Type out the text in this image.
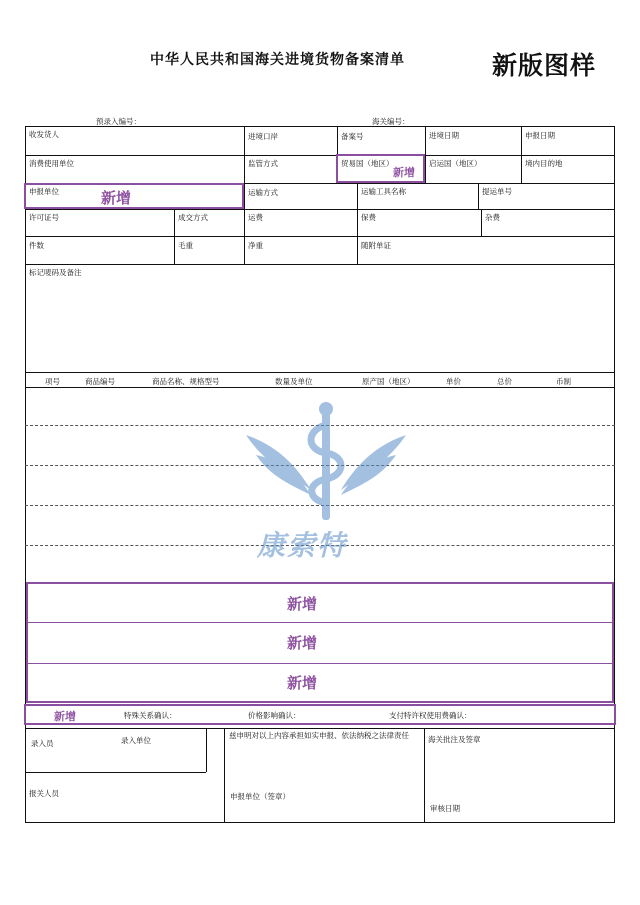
中华人民共和国海关进境货物备案清单	新版图样
预录入编号：	海关编号：
收发货人	进境口岸	备案号	进境日期	申报日期
消费使用单位	监管方式	贸易国（地区）	启运国（地区）	境内目的地
申报单位	运输方式	运输工具名称	提运单号
许可证号	成交方式	运费	保费	杂费
件数	毛重	净重	随附单证
标记唛码及备注
新增
新增
项号	商品编号	商品名称、规格型号	数量及单位	原产国（地区）	单价	总价	币制
康索特
新增
新增
新增
新增	特殊关系确认：	价格影响确认：	支付特许权使用费确认：
录入员	录入单位
兹申明对以上内容承担如实申报、依法纳税之法律责任	海关批注及签章
报关人员	申报单位（签章）
审核日期
